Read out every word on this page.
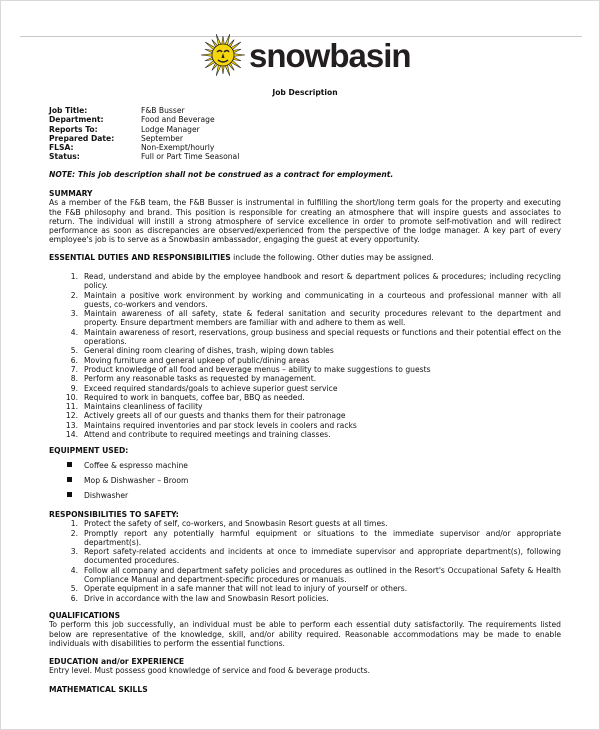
snowbasin
Job Description
Job Title:	F&B Busser
Department:	Food and Beverage
Reports To:	Lodge Manager
Prepared Date:	September
FLSA:	Non-Exempt/hourly
Status:	Full or Part Time Seasonal
NOTE: This job description shall not be construed as a contract for employment.
SUMMARY
As a member of the F&B team, the F&B Busser is instrumental in fulfilling the short/long term goals for the property and executing the F&B philosophy and brand. This position is responsible for creating an atmosphere that will inspire guests and associates to return. The individual will instill a strong atmosphere of service excellence in order to promote self-motivation and will redirect performance as soon as discrepancies are observed/experienced from the perspective of the lodge manager. A key part of every employee's job is to serve as a Snowbasin ambassador, engaging the guest at every opportunity.
ESSENTIAL DUTIES AND RESPONSIBILITIES include the following. Other duties may be assigned.
1. Read, understand and abide by the employee handbook and resort & department polices & procedures; including recycling policy.
2. Maintain a positive work environment by working and communicating in a courteous and professional manner with all guests, co-workers and vendors.
3. Maintain awareness of all safety, state & federal sanitation and security procedures relevant to the department and property. Ensure department members are familiar with and adhere to them as well.
4. Maintain awareness of resort, reservations, group business and special requests or functions and their potential effect on the operations.
5. General dining room clearing of dishes, trash, wiping down tables
6. Moving furniture and general upkeep of public/dining areas
7. Product knowledge of all food and beverage menus – ability to make suggestions to guests
8. Perform any reasonable tasks as requested by management.
9. Exceed required standards/goals to achieve superior guest service
10. Required to work in banquets, coffee bar, BBQ as needed.
11. Maintains cleanliness of facility
12. Actively greets all of our guests and thanks them for their patronage
13. Maintains required inventories and par stock levels in coolers and racks
14. Attend and contribute to required meetings and training classes.
EQUIPMENT USED:
Coffee & espresso machine
Mop & Dishwasher – Broom
Dishwasher
RESPONSIBILITIES TO SAFETY:
1. Protect the safety of self, co-workers, and Snowbasin Resort guests at all times.
2. Promptly report any potentially harmful equipment or situations to the immediate supervisor and/or appropriate department(s).
3. Report safety-related accidents and incidents at once to immediate supervisor and appropriate department(s), following documented procedures.
4. Follow all company and department safety policies and procedures as outlined in the Resort's Occupational Safety & Health Compliance Manual and department-specific procedures or manuals.
5. Operate equipment in a safe manner that will not lead to injury of yourself or others.
6. Drive in accordance with the law and Snowbasin Resort policies.
QUALIFICATIONS
To perform this job successfully, an individual must be able to perform each essential duty satisfactorily. The requirements listed below are representative of the knowledge, skill, and/or ability required. Reasonable accommodations may be made to enable individuals with disabilities to perform the essential functions.
EDUCATION and/or EXPERIENCE
Entry level. Must possess good knowledge of service and food & beverage products.
MATHEMATICAL SKILLS
